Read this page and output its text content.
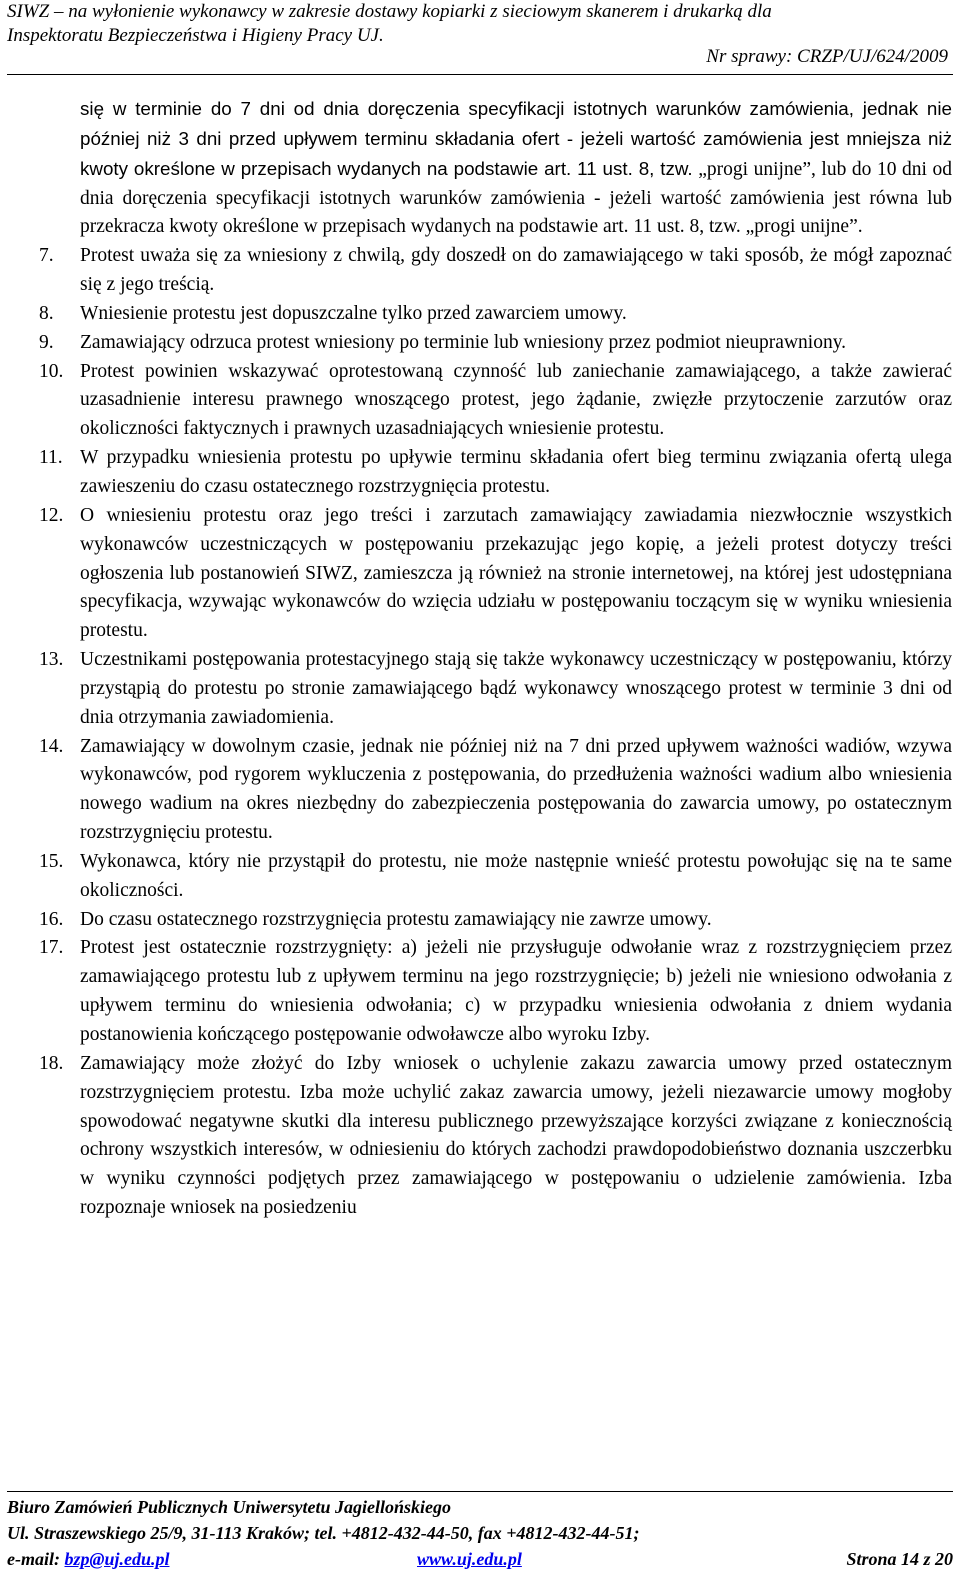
SIWZ – na wyłonienie wykonawcy w zakresie dostawy kopiarki z sieciowym skanerem i drukarką dla
Inspektoratu Bezpieczeństwa i Higieny Pracy UJ.
Nr sprawy: CRZP/UJ/624/2009

się w terminie do 7 dni od dnia doręczenia specyfikacji istotnych warunków zamówienia, jednak nie później niż 3 dni przed upływem terminu składania ofert - jeżeli wartość zamówienia jest mniejsza niż kwoty określone w przepisach wydanych na podstawie art. 11 ust. 8, tzw. „progi unijne”, lub do 10 dni od dnia doręczenia specyfikacji istotnych warunków zamówienia - jeżeli wartość zamówienia jest równa lub przekracza kwoty określone w przepisach wydanych na podstawie art. 11 ust. 8, tzw. „progi unijne”.

7.	Protest uważa się za wniesiony z chwilą, gdy doszedł on do zamawiającego w taki sposób, że mógł zapoznać się z jego treścią.
8.	Wniesienie protestu jest dopuszczalne tylko przed zawarciem umowy.
9.	Zamawiający odrzuca protest wniesiony po terminie lub wniesiony przez podmiot nieuprawniony.
10. Protest powinien wskazywać oprotestowaną czynność lub zaniechanie zamawiającego, a także zawierać uzasadnienie interesu prawnego wnoszącego protest, jego żądanie, zwięzłe przytoczenie zarzutów oraz okoliczności faktycznych i prawnych uzasadniających wniesienie protestu.
11. W przypadku wniesienia protestu po upływie terminu składania ofert bieg terminu związania ofertą ulega zawieszeniu do czasu ostatecznego rozstrzygnięcia protestu.
12. O wniesieniu protestu oraz jego treści i zarzutach zamawiający zawiadamia niezwłocznie wszystkich wykonawców uczestniczących w postępowaniu przekazując jego kopię, a jeżeli protest dotyczy treści ogłoszenia lub postanowień SIWZ, zamieszcza ją również na stronie internetowej, na której jest udostępniana specyfikacja, wzywając wykonawców do wzięcia udziału w postępowaniu toczącym się w wyniku wniesienia protestu.
13. Uczestnikami postępowania protestacyjnego stają się także wykonawcy uczestniczący w postępowaniu, którzy przystąpią do protestu po stronie zamawiającego bądź wykonawcy wnoszącego protest w terminie 3 dni od dnia otrzymania zawiadomienia.
14. Zamawiający w dowolnym czasie, jednak nie później niż na 7 dni przed upływem ważności wadiów, wzywa wykonawców, pod rygorem wykluczenia z postępowania, do przedłużenia ważności wadium albo wniesienia nowego wadium na okres niezbędny do zabezpieczenia postępowania do zawarcia umowy, po ostatecznym rozstrzygnięciu protestu.
15. Wykonawca, który nie przystąpił do protestu, nie może następnie wnieść protestu powołując się na te same okoliczności.
16. Do czasu ostatecznego rozstrzygnięcia protestu zamawiający nie zawrze umowy.
17. Protest jest ostatecznie rozstrzygnięty: a) jeżeli nie przysługuje odwołanie wraz z rozstrzygnięciem przez zamawiającego protestu lub z upływem terminu na jego rozstrzygnięcie; b) jeżeli nie wniesiono odwołania z upływem terminu do wniesienia odwołania; c) w przypadku wniesienia odwołania z dniem wydania postanowienia kończącego postępowanie odwoławcze albo wyroku Izby.
18. Zamawiający może złożyć do Izby wniosek o uchylenie zakazu zawarcia umowy przed ostatecznym rozstrzygnięciem protestu. Izba może uchylić zakaz zawarcia umowy, jeżeli niezawarcie umowy mogłoby spowodować negatywne skutki dla interesu publicznego przewyższające korzyści związane z koniecznością ochrony wszystkich interesów, w odniesieniu do których zachodzi prawdopodobieństwo doznania uszczerbku w wyniku czynności podjętych przez zamawiającego w postępowaniu o udzielenie zamówienia. Izba rozpoznaje wniosek na posiedzeniu
Biuro Zamówień Publicznych Uniwersytetu Jagiellońskiego
Ul. Straszewskiego 25/9, 31-113 Kraków; tel. +4812-432-44-50, fax +4812-432-44-51;
e-mail: bzp@uj.edu.pl	www.uj.edu.pl	Strona 14 z 20
